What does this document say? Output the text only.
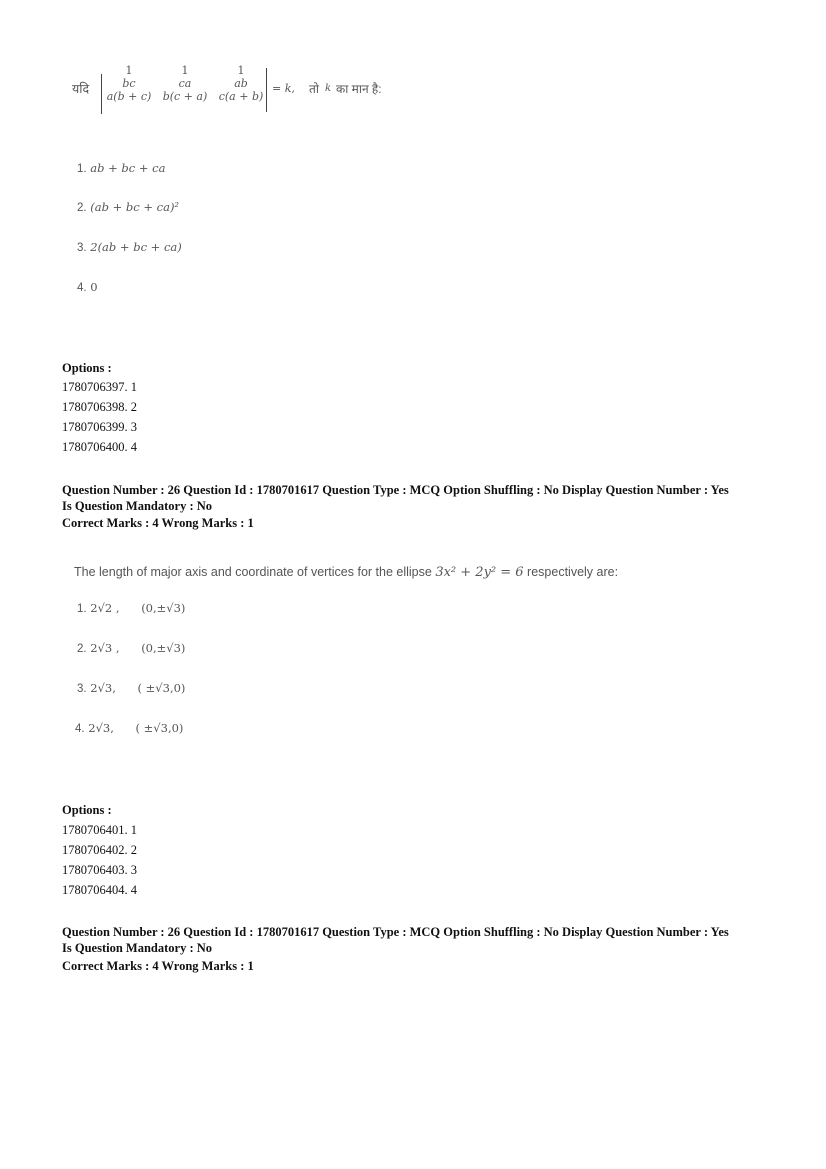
यदि
1
bc
a(b + c)
1
ca
b(c + a)
1
ab
c(a + b)
= k, तो k का मान है:
1. ab + bc + ca
2. (ab + bc + ca)²
3. 2(ab + bc + ca)
4. 0
Options :
1780706397. 1
1780706398. 2
1780706399. 3
1780706400. 4
Question Number : 26 Question Id : 1780701617 Question Type : MCQ Option Shuffling : No Display Question Number : Yes
Is Question Mandatory : No
Correct Marks : 4 Wrong Marks : 1
The length of major axis and coordinate of vertices for the ellipse 3x² + 2y² = 6 respectively are:
1. 2√2 , (0,±√3)
2. 2√3 , (0,±√3)
3. 2√3, ( ±√3,0)
4. 2√3, ( ±√3,0)
Options :
1780706401. 1
1780706402. 2
1780706403. 3
1780706404. 4
Question Number : 26 Question Id : 1780701617 Question Type : MCQ Option Shuffling : No Display Question Number : Yes
Is Question Mandatory : No
Correct Marks : 4 Wrong Marks : 1
